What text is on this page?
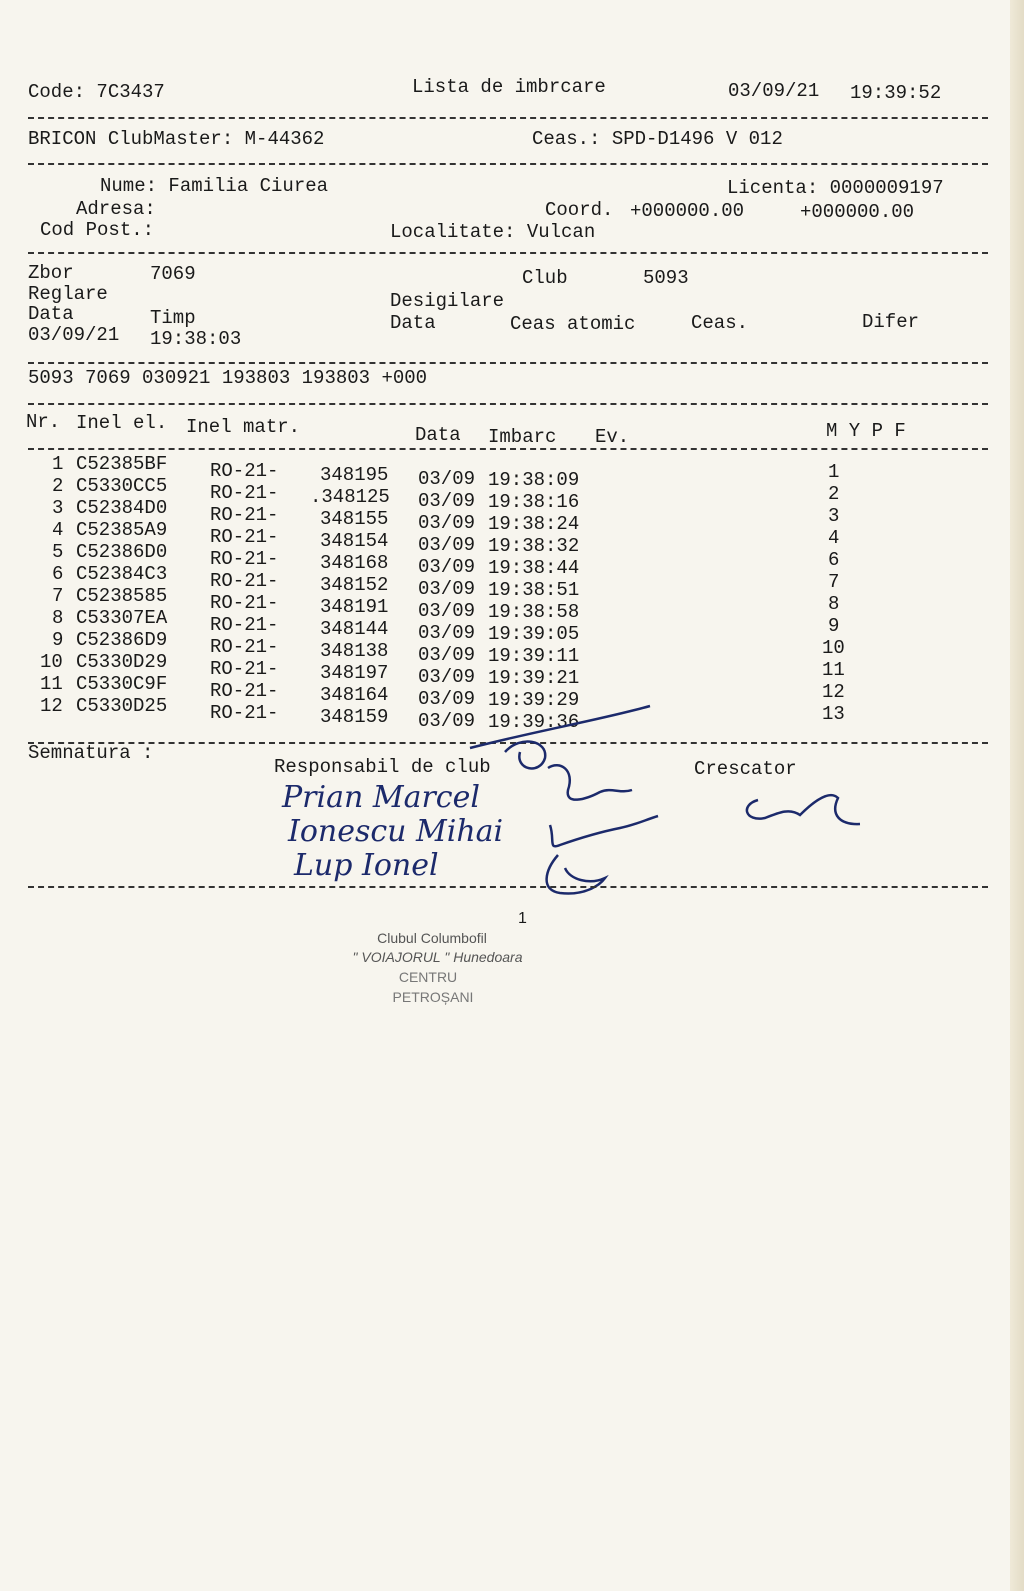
Code: 7C3437	Lista de imbrcare	03/09/21 19:39:52
BRICON ClubMaster: M-44362	Ceas.: SPD-D1496 V 012
Nume: Familia Ciurea	Licenta: 0000009197
Adresa:	Coord. +000000.00	+000000.00
Cod Post.:	Localitate: Vulcan
Zbor	7069	Club	5093
Reglare	Desigilare
Data	Timp	Data	Ceas atomic	Ceas.	Difer
03/09/21 19:38:03
5093 7069 030921 193803 193803 +000
Nr. Inel el. Inel matr.	Data Imbarc Ev.	M Y P F
1 C52385BF RO-21- 348195 03/09 19:38:09	1
2 C5330CC5 RO-21- .348125 03/09 19:38:16	2
3 C52384D0 RO-21- 348155 03/09 19:38:24	3
4 C52385A9 RO-21- 348154 03/09 19:38:32	4
5 C52386D0 RO-21- 348168 03/09 19:38:44	6
6 C52384C3 RO-21- 348152 03/09 19:38:51	7
7 C5238585 RO-21- 348191 03/09 19:38:58	8
8 C53307EA RO-21- 348144 03/09 19:39:05	9
9 C52386D9 RO-21- 348138 03/09 19:39:11	10
10 C5330D29 RO-21- 348197 03/09 19:39:21	11
11 C5330C9F RO-21- 348164 03/09 19:39:29	12
12 C5330D25 RO-21- 348159 03/09 19:39:36	13
Semnatura :
Responsabil de club	Crescator
Prian Marcel
Ionescu Mihai
Lup Ionel
1
Clubul Columbofil
" VOIAJORUL " Hunedoara
CENTRU
PETROȘANI
